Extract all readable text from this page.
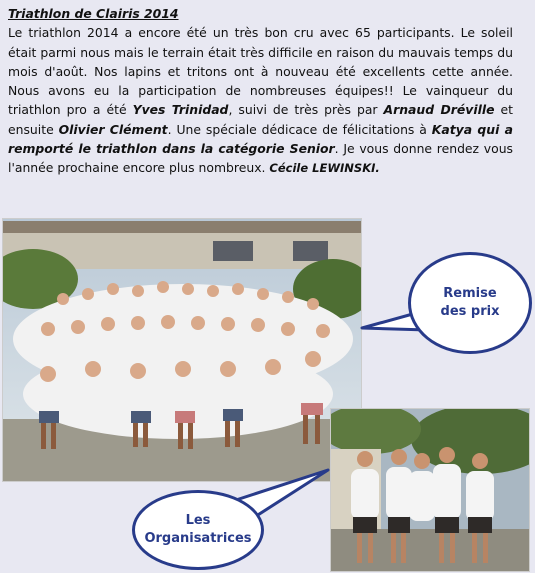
Triathlon de Clairis 2014
Le triathlon 2014 a encore été un très bon cru avec 65 participants. Le soleil était parmi nous mais le terrain était très difficile en raison du mauvais temps du mois d'août. Nos lapins et tritons ont à nouveau été excellents cette année. Nous avons eu la participation de nombreuses équipes!! Le vainqueur du triathlon pro a été Yves Trinidad, suivi de très près par Arnaud Dréville et ensuite Olivier Clément. Une spéciale dédicace de félicitations à Katya qui a remporté le triathlon dans la catégorie Senior. Je vous donne rendez vous l'année prochaine encore plus nombreux. Cécile LEWINSKI.
Remise
des prix
Les
Organisatrices
